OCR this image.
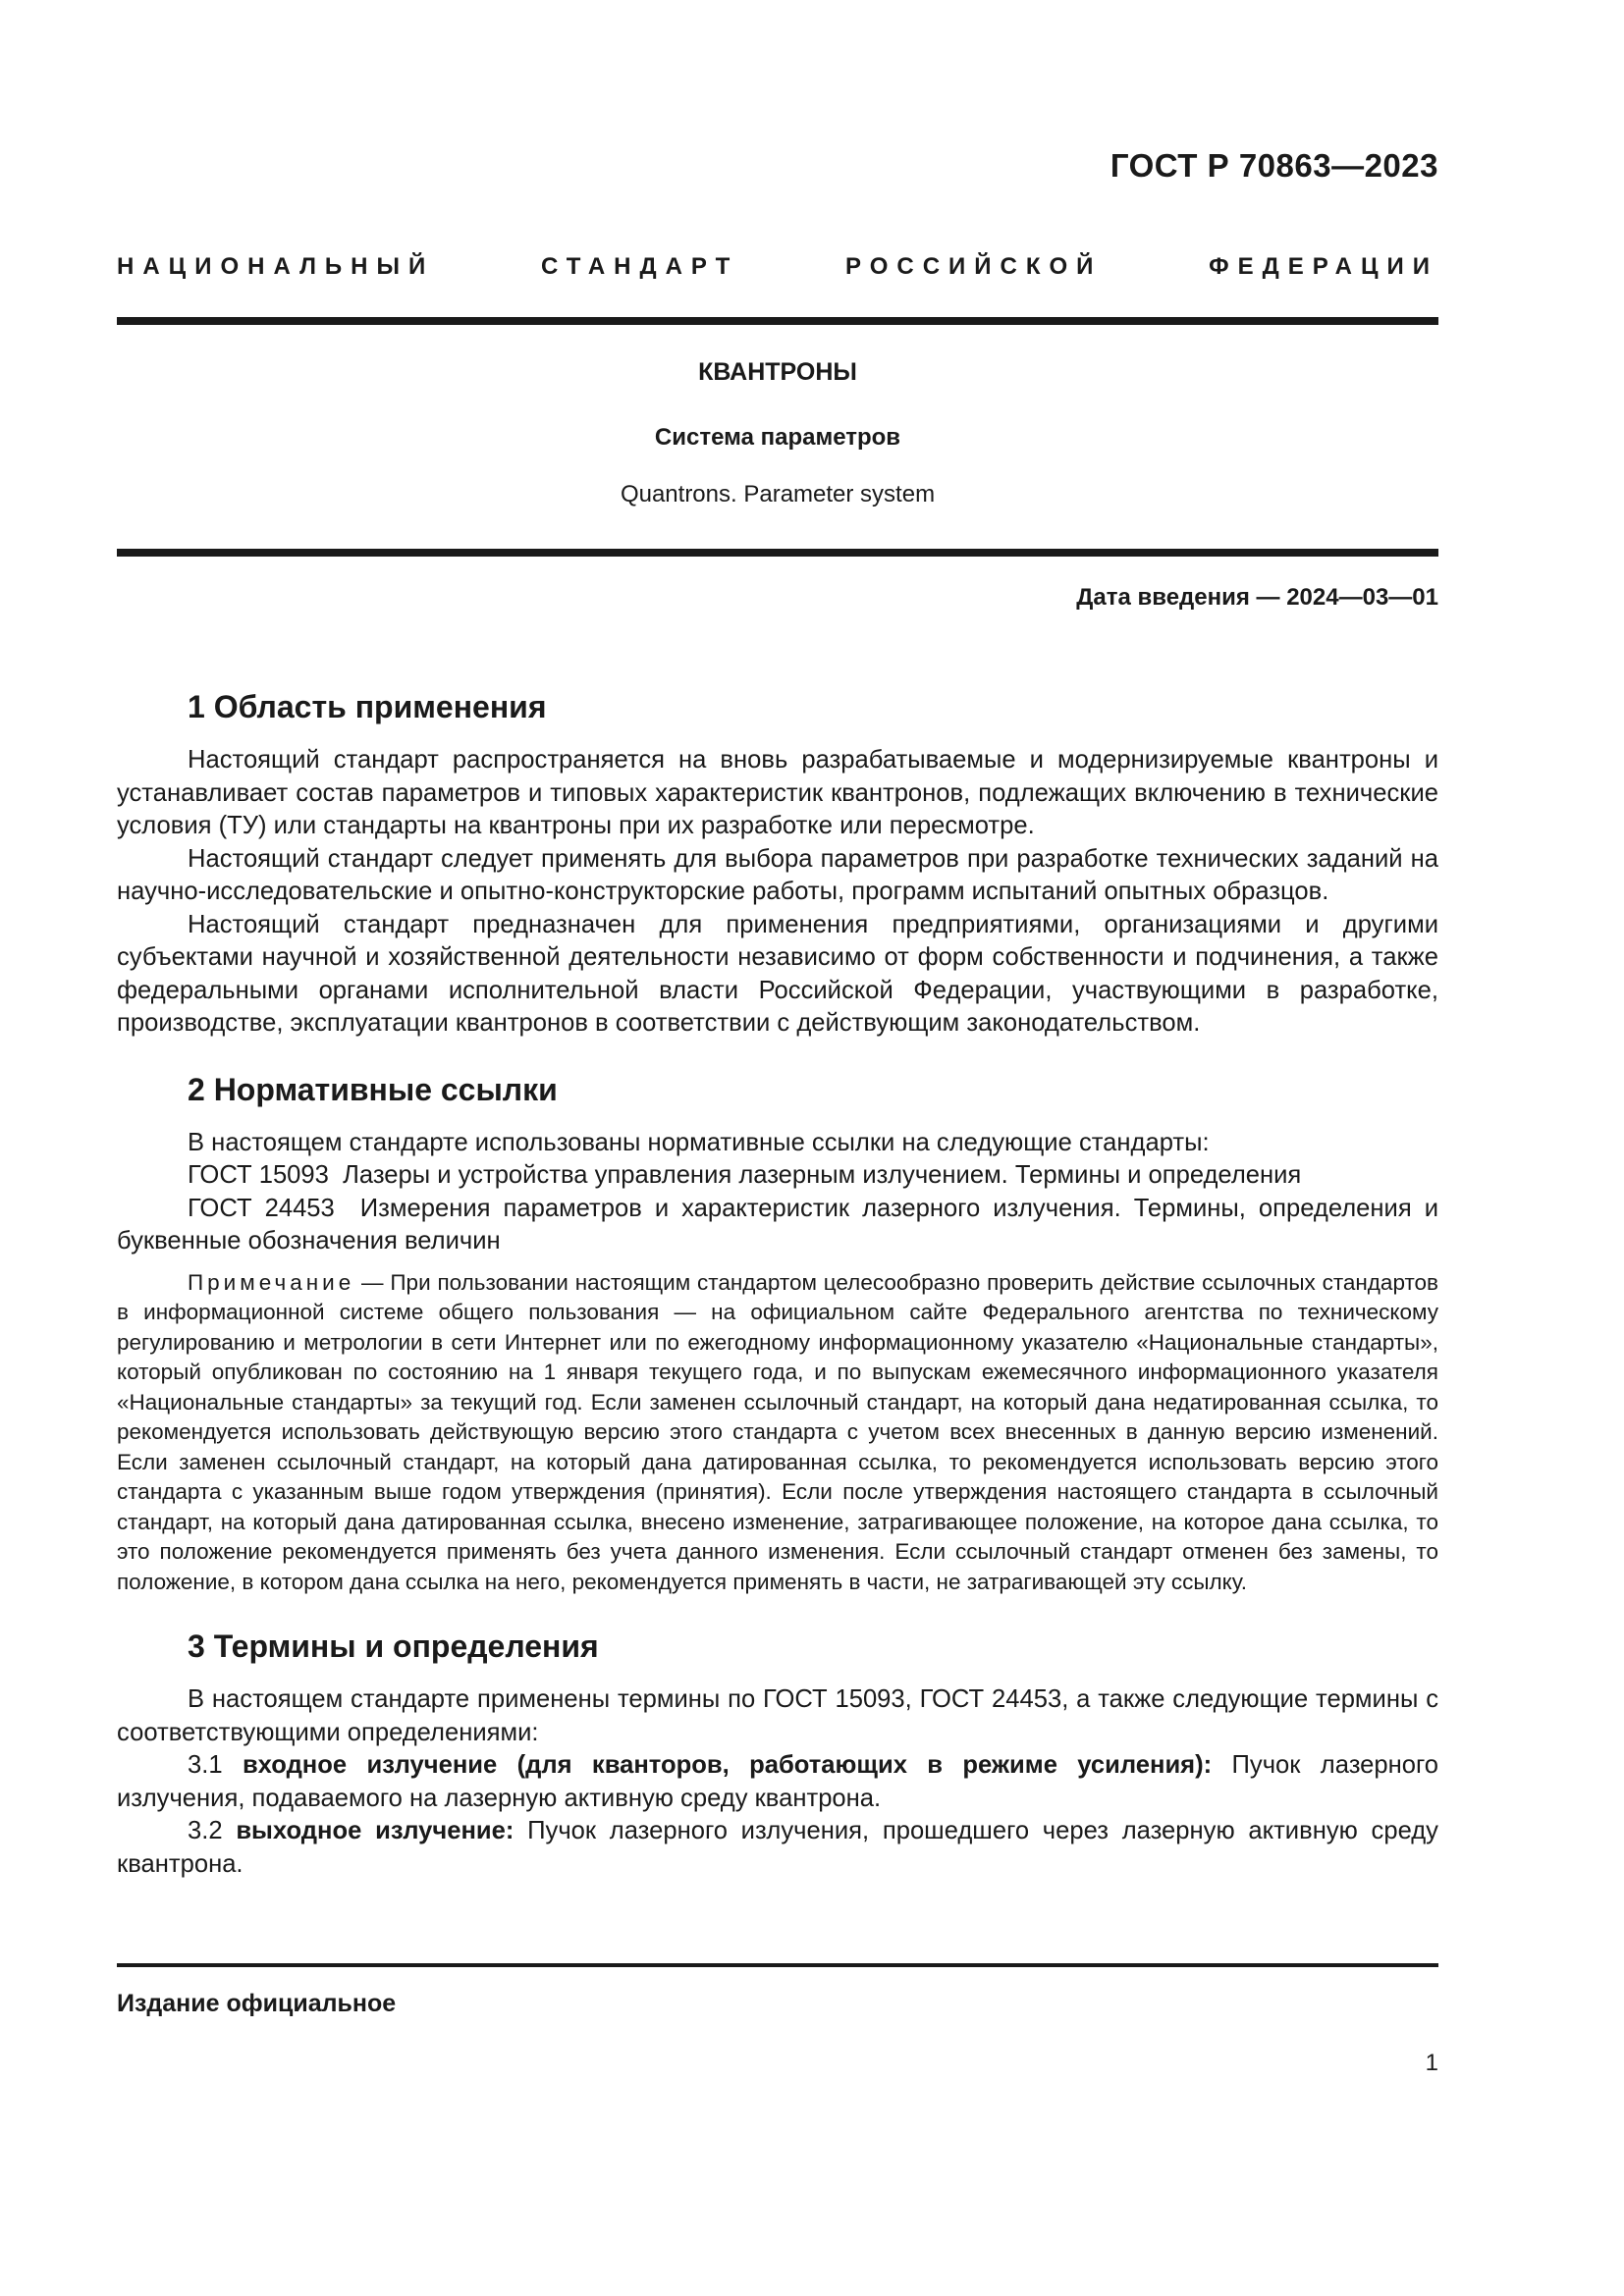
ГОСТ Р 70863—2023
НАЦИОНАЛЬНЫЙ СТАНДАРТ РОССИЙСКОЙ ФЕДЕРАЦИИ
КВАНТРОНЫ
Система параметров
Quantrons. Parameter system
Дата введения — 2024—03—01
1 Область применения

Настоящий стандарт распространяется на вновь разрабатываемые и модернизируемые квантроны и устанавливает состав параметров и типовых характеристик квантронов, подлежащих включению в технические условия (ТУ) или стандарты на квантроны при их разработке или пересмотре.

Настоящий стандарт следует применять для выбора параметров при разработке технических заданий на научно-исследовательские и опытно-конструкторские работы, программ испытаний опытных образцов.

Настоящий стандарт предназначен для применения предприятиями, организациями и другими субъектами научной и хозяйственной деятельности независимо от форм собственности и подчинения, а также федеральными органами исполнительной власти Российской Федерации, участвующими в разработке, производстве, эксплуатации квантронов в соответствии с действующим законодательством.

2 Нормативные ссылки

В настоящем стандарте использованы нормативные ссылки на следующие стандарты:

ГОСТ 15093  Лазеры и устройства управления лазерным излучением. Термины и определения

ГОСТ 24453  Измерения параметров и характеристик лазерного излучения. Термины, определения и буквенные обозначения величин

Примечание — При пользовании настоящим стандартом целесообразно проверить действие ссылочных стандартов в информационной системе общего пользования — на официальном сайте Федерального агентства по техническому регулированию и метрологии в сети Интернет или по ежегодному информационному указателю «Национальные стандарты», который опубликован по состоянию на 1 января текущего года, и по выпускам ежемесячного информационного указателя «Национальные стандарты» за текущий год. Если заменен ссылочный стандарт, на который дана недатированная ссылка, то рекомендуется использовать действующую версию этого стандарта с учетом всех внесенных в данную версию изменений. Если заменен ссылочный стандарт, на который дана датированная ссылка, то рекомендуется использовать версию этого стандарта с указанным выше годом утверждения (принятия). Если после утверждения настоящего стандарта в ссылочный стандарт, на который дана датированная ссылка, внесено изменение, затрагивающее положение, на которое дана ссылка, то это положение рекомендуется применять без учета данного изменения. Если ссылочный стандарт отменен без замены, то положение, в котором дана ссылка на него, рекомендуется применять в части, не затрагивающей эту ссылку.

3 Термины и определения

В настоящем стандарте применены термины по ГОСТ 15093, ГОСТ 24453, а также следующие термины с соответствующими определениями:

3.1 входное излучение (для кванторов, работающих в режиме усиления): Пучок лазерного излучения, подаваемого на лазерную активную среду квантрона.

3.2 выходное излучение: Пучок лазерного излучения, прошедшего через лазерную активную среду квантрона.

Издание официальное
1
